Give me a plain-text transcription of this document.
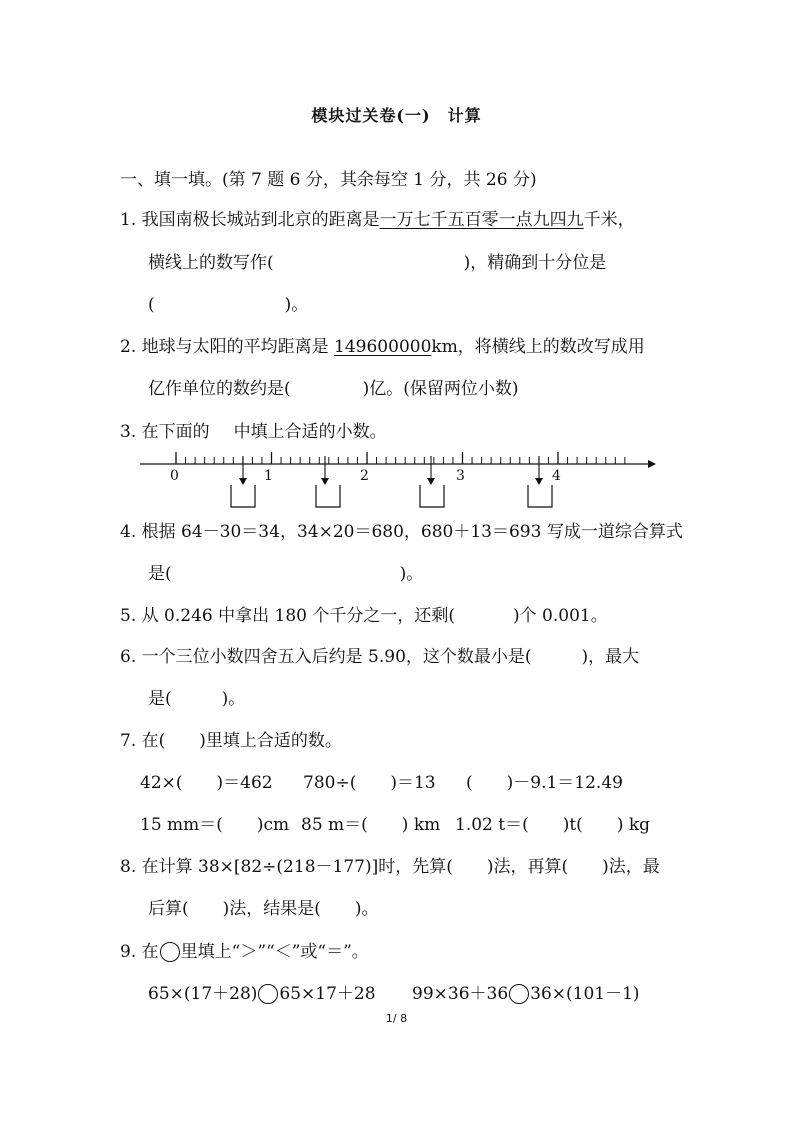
模块过关卷(一)　计算
一、填一填。(第 7 题 6 分，其余每空 1 分，共 26 分)
1. 我国南极长城站到北京的距离是一万七千五百零一点九四九千米，
横线上的数写作(	)，精确到十分位是
(	)。
2. 地球与太阳的平均距离是 149600000km，将横线上的数改写成用
亿作单位的数约是(	)亿。(保留两位小数)
3. 在下面的 中填上合适的小数。
0	1	2	3	4
4. 根据 64－30＝34，34×20＝680，680＋13＝693 写成一道综合算式
是(	)。
5. 从 0.246 中拿出 180 个千分之一，还剩(	)个 0.001。
6. 一个三位小数四舍五入后约是 5.90，这个数最小是(	)，最大
是(	)。
7. 在(　　)里填上合适的数。
42×(　　)＝462 780÷(　　)＝13 (　　)－9.1＝12.49
15 mm＝(　　)cm 85 m＝(　　) km 1.02 t＝(　　)t(　　) kg
8. 在计算 38×[82÷(218－177)]时，先算(　　)法，再算(　　)法，最
后算(　　)法，结果是(　　)。
9. 在 里填上“＞”“＜”或“＝”。
65×(17＋28) 65×17＋28 99×36＋36 36×(101－1)
1/ 8
